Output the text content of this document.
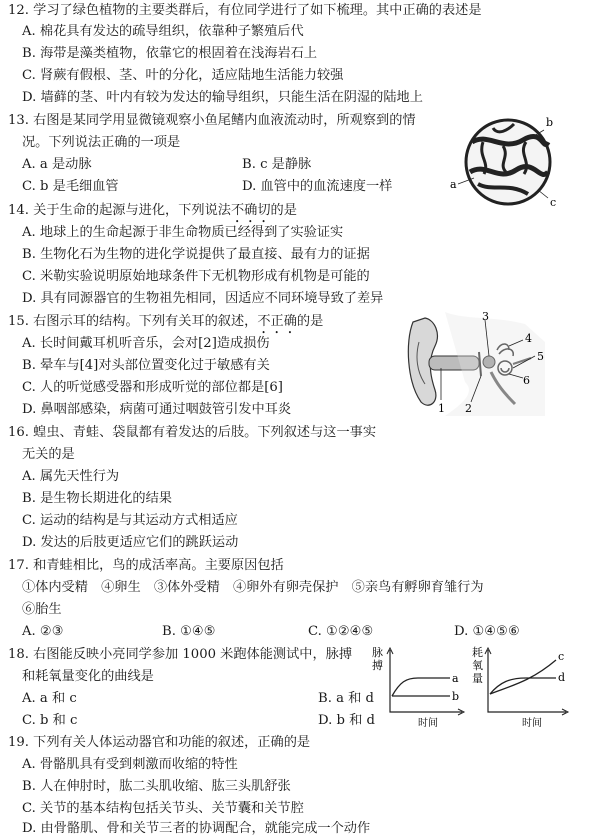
12. 学习了绿色植物的主要类群后，有位同学进行了如下梳理。其中正确的表述是
A. 棉花具有发达的疏导组织，依靠种子繁殖后代
B. 海带是藻类植物，依靠它的根固着在浅海岩石上
C. 肾蕨有假根、茎、叶的分化，适应陆地生活能力较强
D. 墙藓的茎、叶内有较为发达的输导组织，只能生活在阴湿的陆地上
13. 右图是某同学用显微镜观察小鱼尾鳍内血液流动时，所观察到的情
况。下列说法正确的一项是
A. a 是动脉	B. c 是静脉
C. b 是毛细血管	D. 血管中的血流速度一样	a
b
c
14. 关于生命的起源与进化，下列说法不确切的是
A. 地球上的生命起源于非生命物质已经得到了实验证实
B. 生物化石为生物的进化学说提供了最直接、最有力的证据
C. 米勒实验说明原始地球条件下无机物形成有机物是可能的
D. 具有同源器官的生物祖先相同，因适应不同环境导致了差异
15. 右图示耳的结构。下列有关耳的叙述，不正确的是
A. 长时间戴耳机听音乐，会对[2]造成损伤
B. 晕车与[4]对头部位置变化过于敏感有关
C. 人的听觉感受器和形成听觉的部位都是[6]
D. 鼻咽部感染，病菌可通过咽鼓管引发中耳炎	1 2
3
4
5
6
16. 蝗虫、青蛙、袋鼠都有着发达的后肢。下列叙述与这一事实
无关的是
A. 属先天性行为
B. 是生物长期进化的结果
C. 运动的结构是与其运动方式相适应
D. 发达的后肢更适应它们的跳跃运动
17. 和青蛙相比，鸟的成活率高。主要原因包括
①体内受精　④卵生　③体外受精　④卵外有卵壳保护　⑤亲鸟有孵卵育雏行为
⑥胎生
A. ②③	B. ①④⑤	C. ①②④⑤	D. ①④⑤⑥
18. 右图能反映小亮同学参加 1000 米跑体能测试中，脉搏
和耗氧量变化的曲线是
A. a 和 c	B. a 和 d
C. b 和 c	D. b 和 d
脉
搏
a
b
时间
耗
氧
量
c
d
时间
19. 下列有关人体运动器官和功能的叙述，正确的是
A. 骨骼肌具有受到刺激而收缩的特性
B. 人在伸肘时，肱二头肌收缩、肱三头肌舒张
C. 关节的基本结构包括关节头、关节囊和关节腔
D. 由骨骼肌、骨和关节三者的协调配合，就能完成一个动作
